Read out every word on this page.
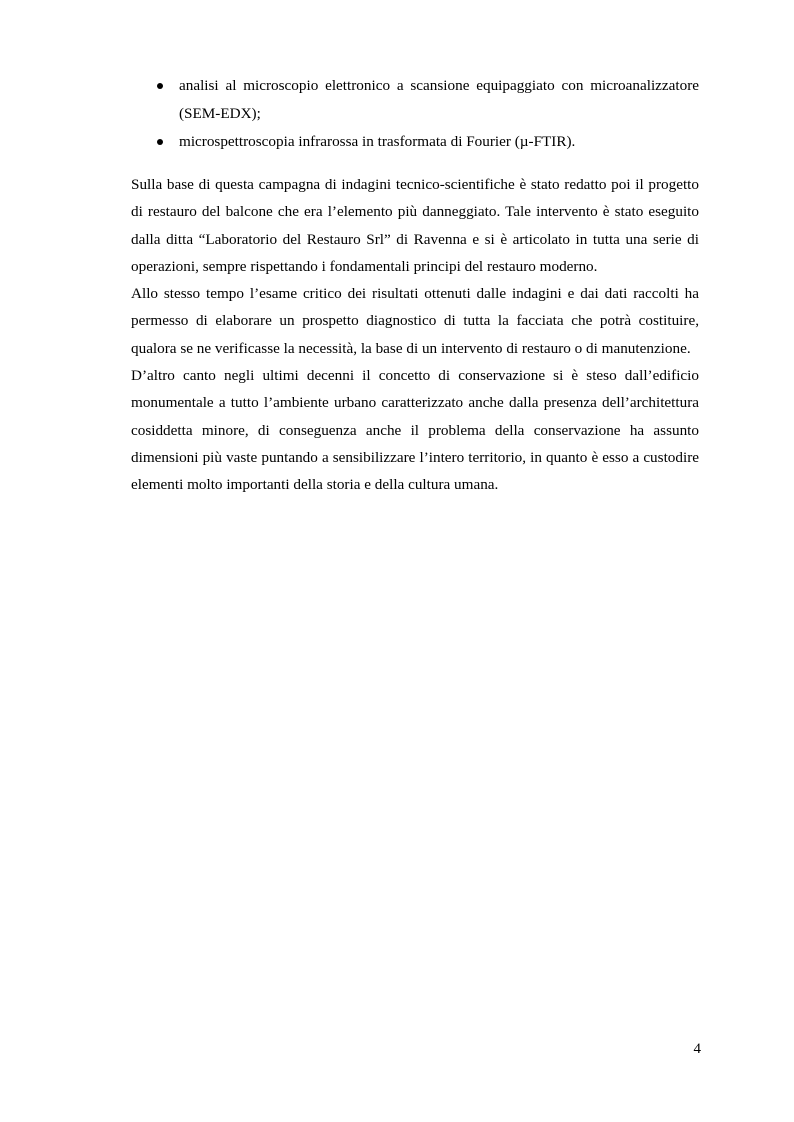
analisi al microscopio elettronico a scansione equipaggiato con microanalizzatore (SEM-EDX);
microspettroscopia infrarossa in trasformata di Fourier (µ-FTIR).

Sulla base di questa campagna di indagini tecnico-scientifiche è stato redatto poi il progetto di restauro del balcone che era l’elemento più danneggiato. Tale intervento è stato eseguito dalla ditta “Laboratorio del Restauro Srl” di Ravenna e si è articolato in tutta una serie di operazioni, sempre rispettando i fondamentali principi del restauro moderno.

Allo stesso tempo l’esame critico dei risultati ottenuti dalle indagini e dai dati raccolti ha permesso di elaborare un prospetto diagnostico di tutta la facciata che potrà costituire, qualora se ne verificasse la necessità, la base di un intervento di restauro o di manutenzione.

D’altro canto negli ultimi decenni il concetto di conservazione si è steso dall’edificio monumentale a tutto l’ambiente urbano caratterizzato anche dalla presenza dell’architettura cosiddetta minore, di conseguenza anche il problema della conservazione ha assunto dimensioni più vaste puntando a sensibilizzare l’intero territorio, in quanto è esso a custodire elementi molto importanti della storia e della cultura umana.

4
